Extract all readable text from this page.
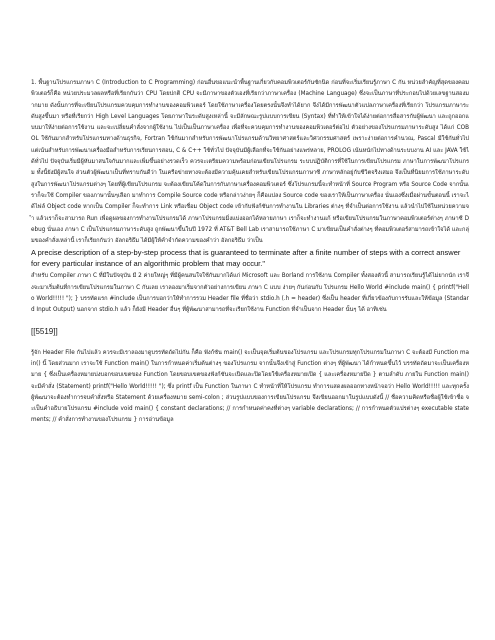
1. พื้นฐานโปรแกรมภาษา C (Introduction to C Programming) ก่อนอื่นขอแนะนำพื้นฐานเกี่ยวกับคอมพิวเตอร์กันซักนิด ก่อนที่จะเริ่มเรียนรู้ภาษา C กัน หน่วยสำคัญที่สุดของคอมพิวเตอร์ก็คือ หน่วยประมวลผลหรือที่เรียกกันว่า CPU โดยปกติ CPU จะมีภาษาของตัวเองที่เรียกว่าภาษาเครื่อง (Machine Language) ซึ่งจะเป็นภาษาที่ประกอบไปด้วยเลขฐานสองมากมาย ดังนั้นการที่จะเขียนโปรแกรมควบคุมการทำงานของคอมพิวเตอร์ โดยใช้ภาษาเครื่องโดยตรงนั้นจึงทำได้ยาก จึงได้มีการพัฒนาตัวแปลภาษาเครื่องที่เรียกว่า โปรแกรมภาษาระดับสูงขึ้นมา หรือที่เรียกว่า High Level Languages โดยภาษาในระดับสูงเหล่านี้ จะมีลักษณะรูปแบบการเขียน (Syntax) ที่ทำให้เข้าใจได้ง่ายต่อการสื่อสารกับผู้พัฒนา และถูกออกแบบมาให้ง่ายต่อการใช้งาน และจะเปลี่ยนคำสั่งจากผู้ใช้งาน ไปเป็นเป็นภาษาเครื่อง เพื่อที่จะควบคุมการทำงานของคอมพิวเตอร์ต่อไป ตัวอย่างของโปรแกรมภาษาระดับสูง ได้แก่ COBOL ใช้กันมากสำหรับโปรแกรมทางด้านธุรกิจ, Fortran ใช้กันมากสำหรับการพัฒนาโปรแกรมด้านวิทยาศาสตร์และวิศวกรรมศาสตร์ เพราะง่ายต่อการคำนวณ, Pascal มีใช้กันทั่วไป แต่เน้นสำหรับการพัฒนาเครื่องมือสำหรับการเรียนการสอน, C & C++ ใช้ทั่วไป ปัจจุบันมีผู้เลือกที่จะใช้กันอย่างแพร่หลาย, PROLOG เน้นหนักไปทางด้านระบบงาน AI และ JAVA ใช้ได้ทั่วไป ปัจจุบันเริ่มมีผู้หันมาสนใจกันมากและเพิ่มขึ้นอย่างรวดเร็ว ควรจะเตรียมความพร้อมก่อนเขียนโปรแกรม ระบบปฏิบัติการที่ใช้ในการเขียนโปรแกรม ภาษาในการพัฒนาโปรแกรม ทั้งนี้ยังมีผู้สนใจ ส่วนตัวผู้พัฒนาเป็นที่ทราบกันดีว่า ในเครือข่ายทางจะต้องมีความคุ้นเคยสำหรับเขียนโปรแกรมภาษาซี ภาษาหลักอยู่กับชีวิตจริงเสมอ จึงเป็นที่นิยมการใช้ภาษาระดับสูงในการพัฒนาโปรแกรมต่างๆ โดยที่ผู้เขียนโปรแกรม จะต้องเขียนโค้ดในการกับภาษาเครื่องคอมพิวเตอร์ ซึ่งโปรแกรมนี้จะทำหน้าที่ Source Program หรือ Source Code จากนั้นเราก็จะใช้ Compiler ของภาษานั้นๆเลือก มาทำการ Compile Source code หรือกล่าวง่ายๆ ก็คือแปลง Source code ของเราให้เป็นภาษาเครื่อง นั่นเองซึ่งเมื่อผ่านขั้นตอนนี้ เราจะได้ไฟล์ Object code หากเป็น Compiler ก็จะทำการ Link หรือเชื่อม Object code เข้ากับฟังก์ชันการทำงานใน Libraries ต่างๆ ที่จำเป็นต่อการใช้งาน แล้วนำไปใช้ในหน่วยความจำ แล้วเราก็จะสามารถ Run เพื่อดูผลของการทำงานโปรแกรมได้ ภาษาโปรแกรมมิ่งแบ่งออกได้หลายภาษา เราก็จะทำงานแก้ หรือเขียนโปรแกรมในภาษาคอมพิวเตอร์ต่างๆ ภาษาซี Debug นั่นเอง ภาษา C เป็นโปรแกรมภาษาระดับสูง ถูกพัฒนาขึ้นในปี 1972 ที่ AT&T Bell Lab เราสามารถใช้ภาษา C มาเขียนเป็นคำสั่งต่างๆ ที่คอมพิวเตอร์สามารถเข้าใจได้ และกลุ่มของคำสั่งเหล่านี้ เราก็เรียกกันว่า อัลกอริธึม ได้มีผู้ให้คำจำกัดความของคำว่า อัลกอริธึม ว่าเป็น

A precise description of a step-by-step process that is guaranteed to terminate after a finite number of steps with a correct answer for every particular instance of an algorithmic problem that may occur."

สำหรับ Compiler ภาษา C ที่มีในปัจจุบัน มี 2 ค่ายใหญ่ๆ ที่มีผู้คนสนใจใช้กันมากได้แก่ Microsoft และ Borland การใช้งาน Compiler ทั้งสองตัวนี้ สามารถเรียนรู้ได้ไม่ยากนัก เราจึงจะมาเริ่มต้นที่การเขียนโปรแกรมในภาษา C กันเลย เราลองมาเริ่มจากตัวอย่างการเขียน ภาษา C แบบ ง่ายๆ กันก่อนกับ โปรแกรม Hello World #include main() { printf("Hello World!!!!! "); } บรรทัดแรก #include เป็นการบอกว่าให้ทำการรวม Header file ที่ชื่อว่า stdio.h (.h = header) ซึ่งเป็น header ที่เกี่ยวข้องกับการรับและให้ข้อมูล (Standard Input Output) นอกจาก stdio.h แล้ว ก็ยังมี Header อื่นๆ ที่ผู้พัฒนาสามารถที่จะเรียกใช้งาน Function ที่จำเป็นจาก Header นั้นๆ ได้ อาทิเช่น

[[5519]]

รู้จัก Header File กันไปแล้ว ควรจะมีเราลองมาดูบรรทัดถัดไปกัน ก็คือ ฟังก์ชัน main() จะเป็นจุดเริ่มต้นของโปรแกรม และโปรแกรมทุกโปรแกรมในภาษา C จะต้องมี Function main() นี้ โดยส่วนมาก เราจะใช้ Function main() ในการกำหนดค่าเริ่มต้นต่างๆ ของโปรแกรม จากนั้นจึงเข้าสู่ Function ต่างๆ ที่ผู้พัฒนา ได้กำหนดขึ้นไว้ บรรทัดถัดมาจะเป็นเครื่องหมาย { ซึ่งเป็นเครื่องหมายบ่งบอกขอบเขตของ Function โดยขอบเขตของฟังก์ชันจะเปิดและปิดโดยใช้เครื่องหมายเปิด { และเครื่องหมายปิด } ตามลำดับ ภายใน Function main() จะมีคำสั่ง (Statement) printf("Hello World!!!!! "); ซึ่ง printf เป็น Function ในภาษา C ทำหน้าที่ให้โปรแกรม ทำการแสดงผลออกทางหน้าจอว่า Hello World!!!!! และทุกครั้ง ผู้พัฒนาจะต้องทำการจบคำสั่งหรือ Statement ด้วยเครื่องหมาย semi-colon ; ส่วนรูปแบบของการเขียนโปรแกรม จึงเขียนออกมาในรูปแบบดังนี้ // ชื่อความคิดหรือชื่อผู้ใช้เข้าชื่อ จะเป็นคำอธิบายโปรแกรม #include void main() { constant declarations; // การกำหนดค่าคงที่ต่างๆ variable declarations; // การกำหนดตัวแปรต่างๆ executable statements; // คำสั่งการทำงานของโปรแกรม } การอ่านข้อมูล
